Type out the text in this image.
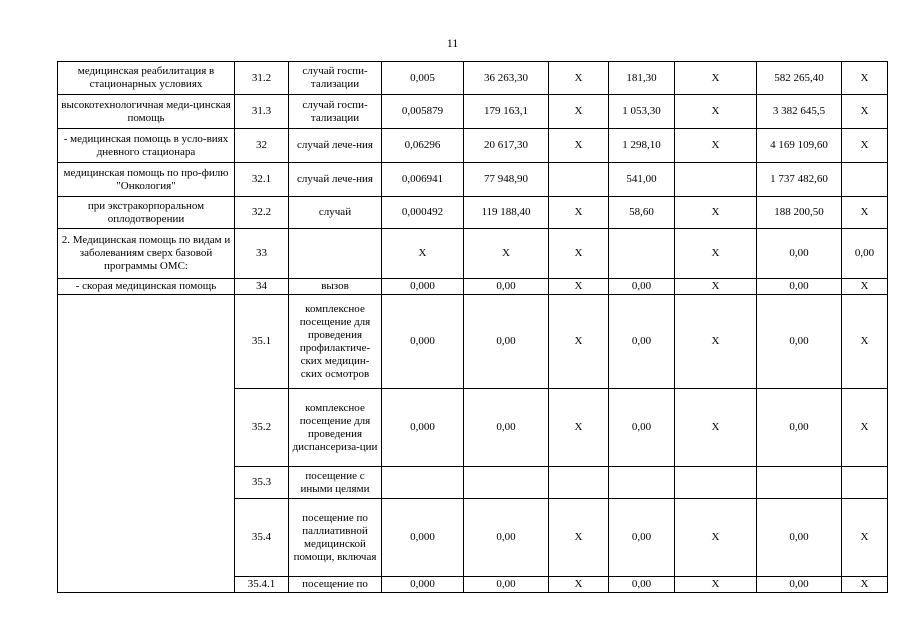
11
медицинская реабилитация в стационарных условиях	31.2	случай госпи-тализации	0,005	36 263,30	Х	181,30	Х	582 265,40	Х
высокотехнологичная меди-цинская помощь	31.3	случай госпи-тализации	0,005879	179 163,1	Х	1 053,30	Х	3 382 645,5	Х
- медицинская помощь в усло-виях дневного стационара	32	случай лече-ния	0,06296	20 617,30	Х	1 298,10	Х	4 169 109,60	Х
медицинская помощь по про-филю "Онкология"	32.1	случай лече-ния	0,006941	77 948,90		541,00		1 737 482,60	
при экстракорпоральном оплодотворении	32.2	случай	0,000492	119 188,40	Х	58,60	Х	188 200,50	Х
2. Медицинская помощь по видам и заболеваниям сверх базовой программы ОМС:	33		Х	Х	Х		Х	0,00	0,00
- скорая медицинская помощь	34	вызов	0,000	0,00	Х	0,00	Х	0,00	Х
	35.1	комплексное посещение для проведения профилактиче-ских медицин-ских осмотров	0,000	0,00	Х	0,00	Х	0,00	Х
	35.2	комплексное посещение для проведения диспансериза-ции	0,000	0,00	Х	0,00	Х	0,00	Х
	35.3	посещение с иными целями							
	35.4	посещение по паллиативной медицинской помощи, включая	0,000	0,00	Х	0,00	Х	0,00	Х
	35.4.1	посещение по	0,000	0,00	Х	0,00	Х	0,00	Х
